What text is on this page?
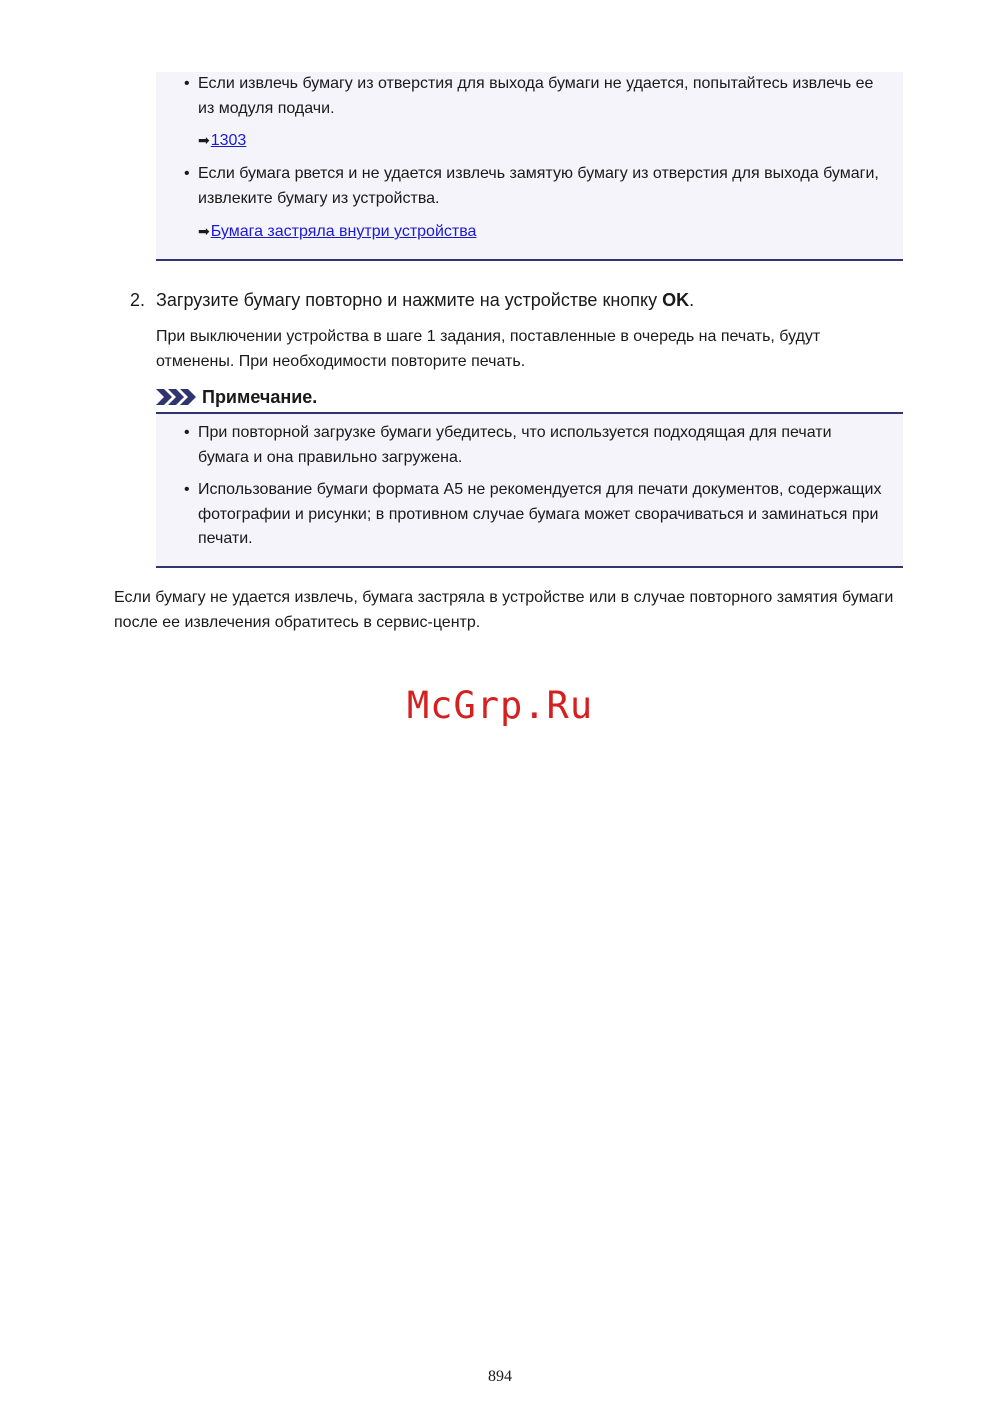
• Если извлечь бумагу из отверстия для выхода бумаги не удается, попытайтесь извлечь ее из модуля подачи.
➡1303
• Если бумага рвется и не удается извлечь замятую бумагу из отверстия для выхода бумаги, извлеките бумагу из устройства.
➡Бумага застряла внутри устройства
2. Загрузите бумагу повторно и нажмите на устройстве кнопку OK.
При выключении устройства в шаге 1 задания, поставленные в очередь на печать, будут отменены. При необходимости повторите печать.
Примечание.
• При повторной загрузке бумаги убедитесь, что используется подходящая для печати бумага и она правильно загружена.
• Использование бумаги формата A5 не рекомендуется для печати документов, содержащих фотографии и рисунки; в противном случае бумага может сворачиваться и заминаться при печати.
Если бумагу не удается извлечь, бумага застряла в устройстве или в случае повторного замятия бумаги после ее извлечения обратитесь в сервис-центр.
McGrp.Ru
894
